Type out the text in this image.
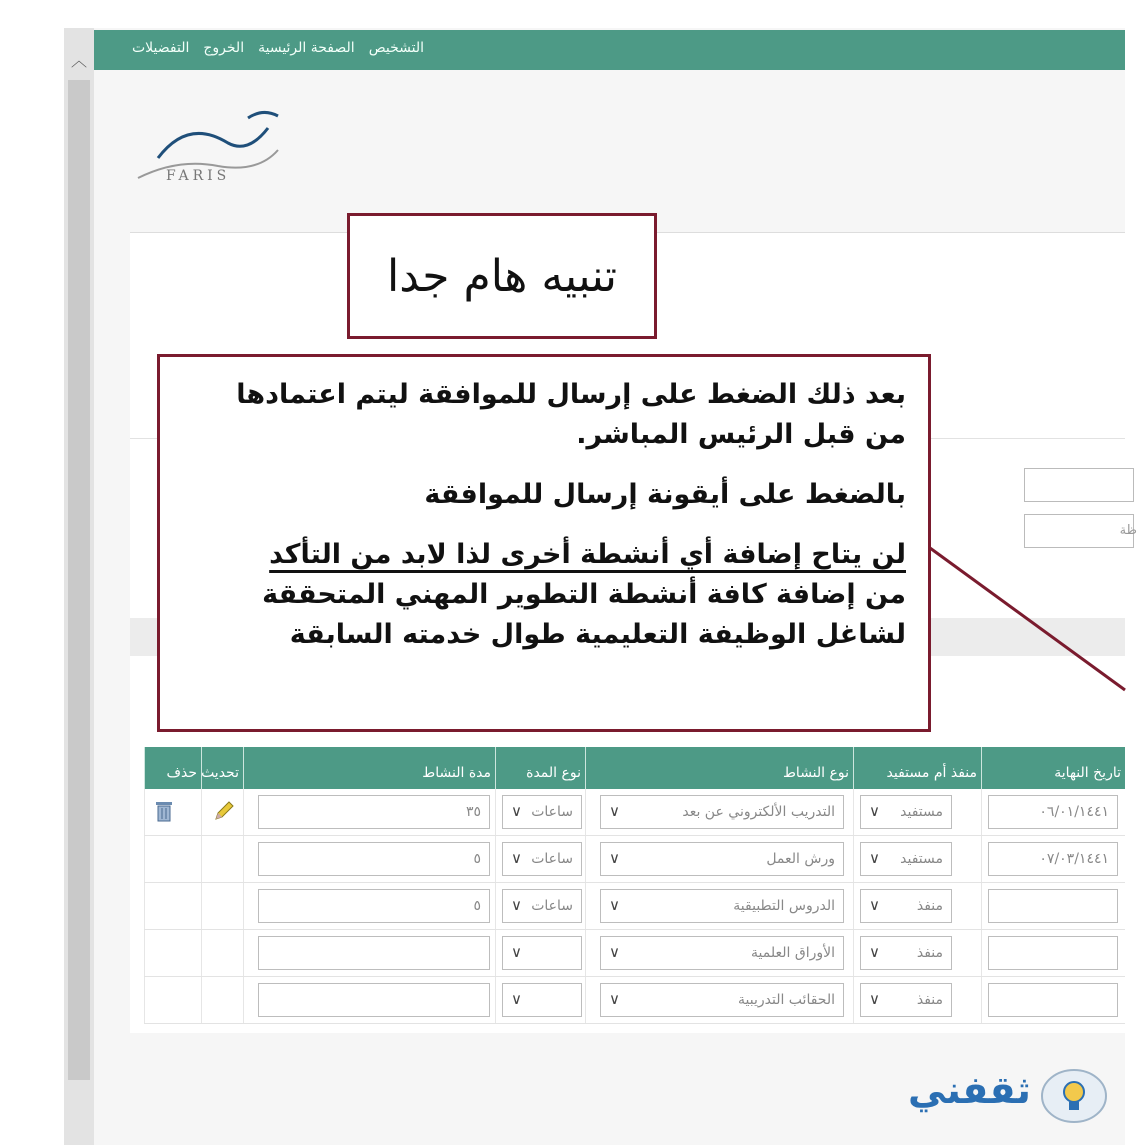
︿
التفضيلات الخروج الصفحة الرئيسية التشخيص
FARIS
ظة
تنبيه هام جدا

بعد ذلك الضغط على إرسال للموافقة ليتم اعتمادها

من قبل الرئيس المباشر.

بالضغط على أيقونة إرسال للموافقة

لن يتاح إضافة أي أنشطة أخرى لذا لابد من التأكد

من إضافة كافة أنشطة التطوير المهني المتحققة

لشاغل الوظيفة التعليمية طوال خدمته السابقة

تاريخ النهاية
منفذ أم مستفيد
نوع النشاط
نوع المدة
مدة النشاط
تحديث
حذف
٠٦/٠١/١٤٤١
مستفيد
∨
التدريب الألكتروني عن بعد
∨
ساعات
∨
٣٥
٠٧/٠٣/١٤٤١
مستفيد
∨
ورش العمل
∨
ساعات
∨
٥
منفذ
∨
الدروس التطبيقية
∨
ساعات
∨
٥
منفذ
∨
الأوراق العلمية
∨
∨
منفذ
∨
الحقائب التدريبية
∨
∨
ثقفني
